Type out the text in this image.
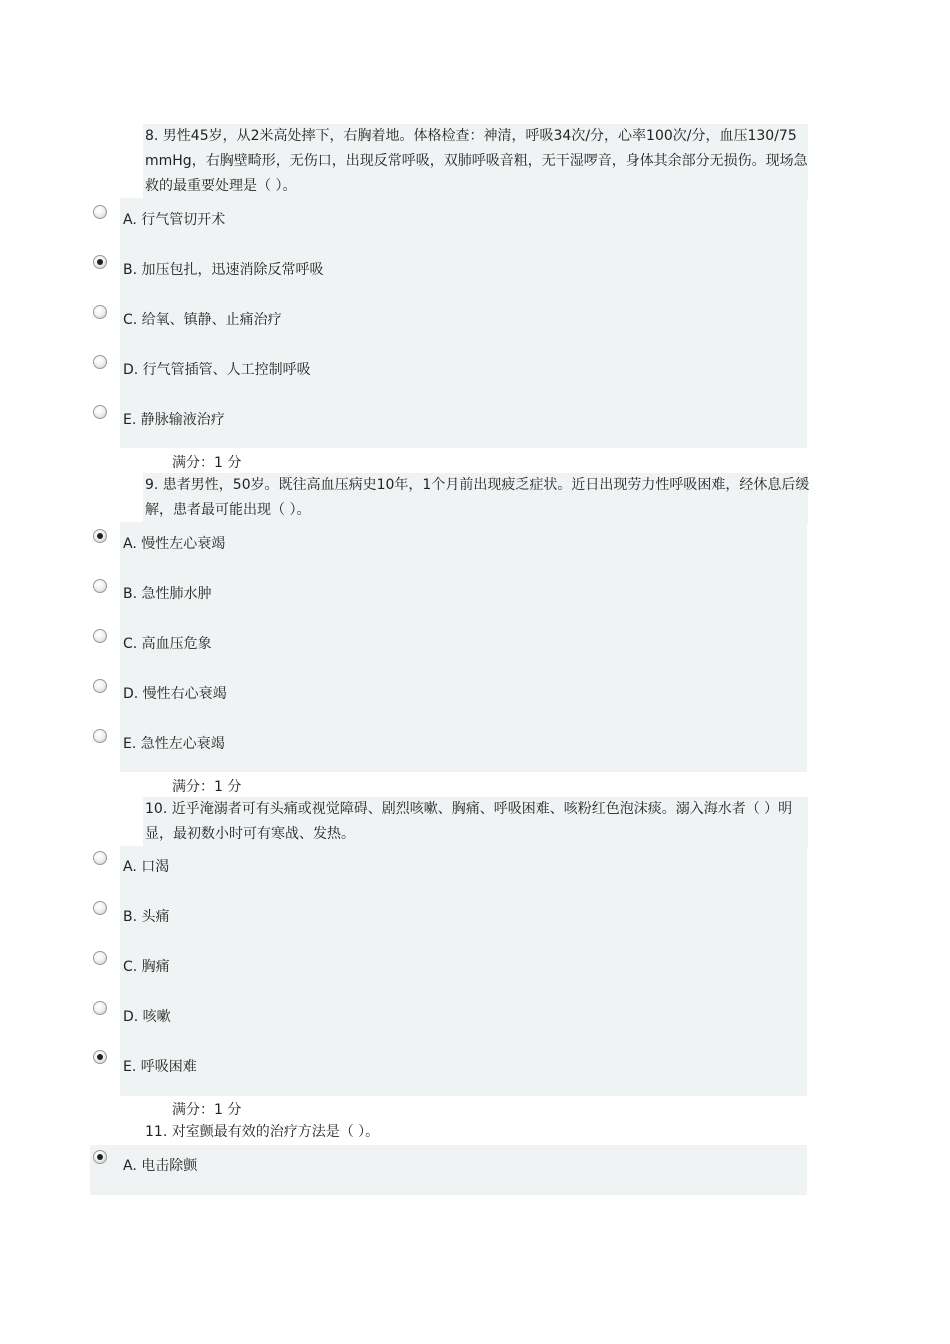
8. 男性45岁，从2米高处摔下，右胸着地。体格检查：神清，呼吸34次/分，心率100次/分，血压130/75 mmHg，右胸壁畸形，无伤口，出现反常呼吸，双肺呼吸音粗，无干湿啰音，身体其余部分无损伤。现场急救的最重要处理是（ ）。
A. 行气管切开术
B. 加压包扎，迅速消除反常呼吸
C. 给氧、镇静、止痛治疗
D. 行气管插管、人工控制呼吸
E. 静脉输液治疗
满分：1 分
9. 患者男性，50岁。既往高血压病史10年，1个月前出现疲乏症状。近日出现劳力性呼吸困难，经休息后缓解，患者最可能出现（ ）。
A. 慢性左心衰竭
B. 急性肺水肿
C. 高血压危象
D. 慢性右心衰竭
E. 急性左心衰竭
满分：1 分
10. 近乎淹溺者可有头痛或视觉障碍、剧烈咳嗽、胸痛、呼吸困难、咳粉红色泡沫痰。溺入海水者（ ）明显，最初数小时可有寒战、发热。
A. 口渴
B. 头痛
C. 胸痛
D. 咳嗽
E. 呼吸困难
满分：1 分
11. 对室颤最有效的治疗方法是（ ）。
A. 电击除颤
